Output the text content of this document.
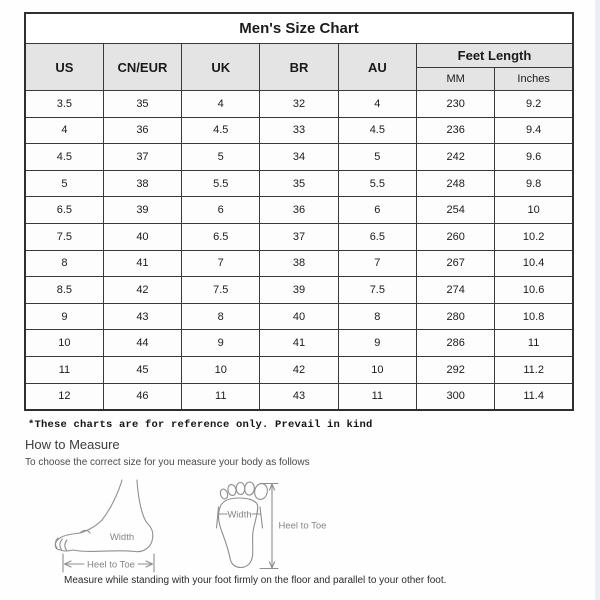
Men's Size Chart						
US	CN/EUR	UK	BR	AU	Feet Length	
					MM	Inches
3.5	35	4	32	4	230	9.2
4	36	4.5	33	4.5	236	9.4
4.5	37	5	34	5	242	9.6
5	38	5.5	35	5.5	248	9.8
6.5	39	6	36	6	254	10
7.5	40	6.5	37	6.5	260	10.2
8	41	7	38	7	267	10.4
8.5	42	7.5	39	7.5	274	10.6
9	43	8	40	8	280	10.8
10	44	9	41	9	286	11
11	45	10	42	10	292	11.2
12	46	11	43	11	300	11.4
*These charts are for reference only. Prevail in kind
How to Measure
To choose the correct size for you measure your body as follows
Width
Heel to Toe
Width
Heel to Toe
Measure while standing with your foot firmly on the floor and parallel to your other foot.
